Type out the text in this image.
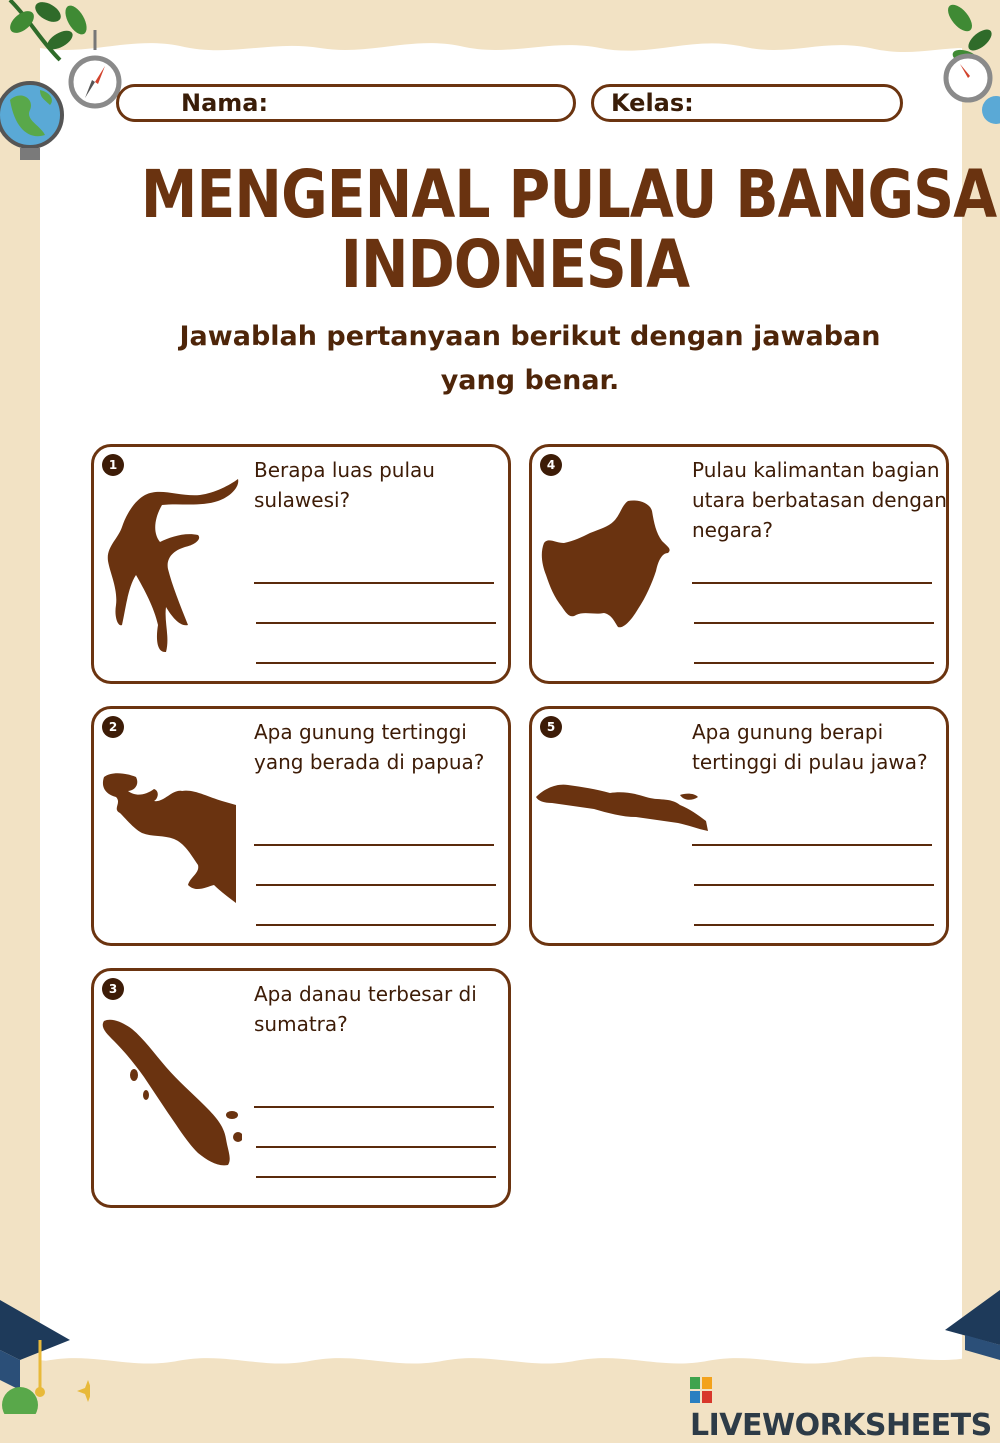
Nama:	Kelas:
MENGENAL PULAU BANGSA
INDONESIA
Jawablah pertanyaan berikut dengan jawaban
yang benar.
1	Berapa luas pulau sulawesi?
2	Apa gunung tertinggi yang berada di papua?
3	Apa danau terbesar di sumatra?
4	Pulau kalimantan bagian utara berbatasan dengan negara?
5	Apa gunung berapi tertinggi di pulau jawa?
LIVEWORKSHEETS
